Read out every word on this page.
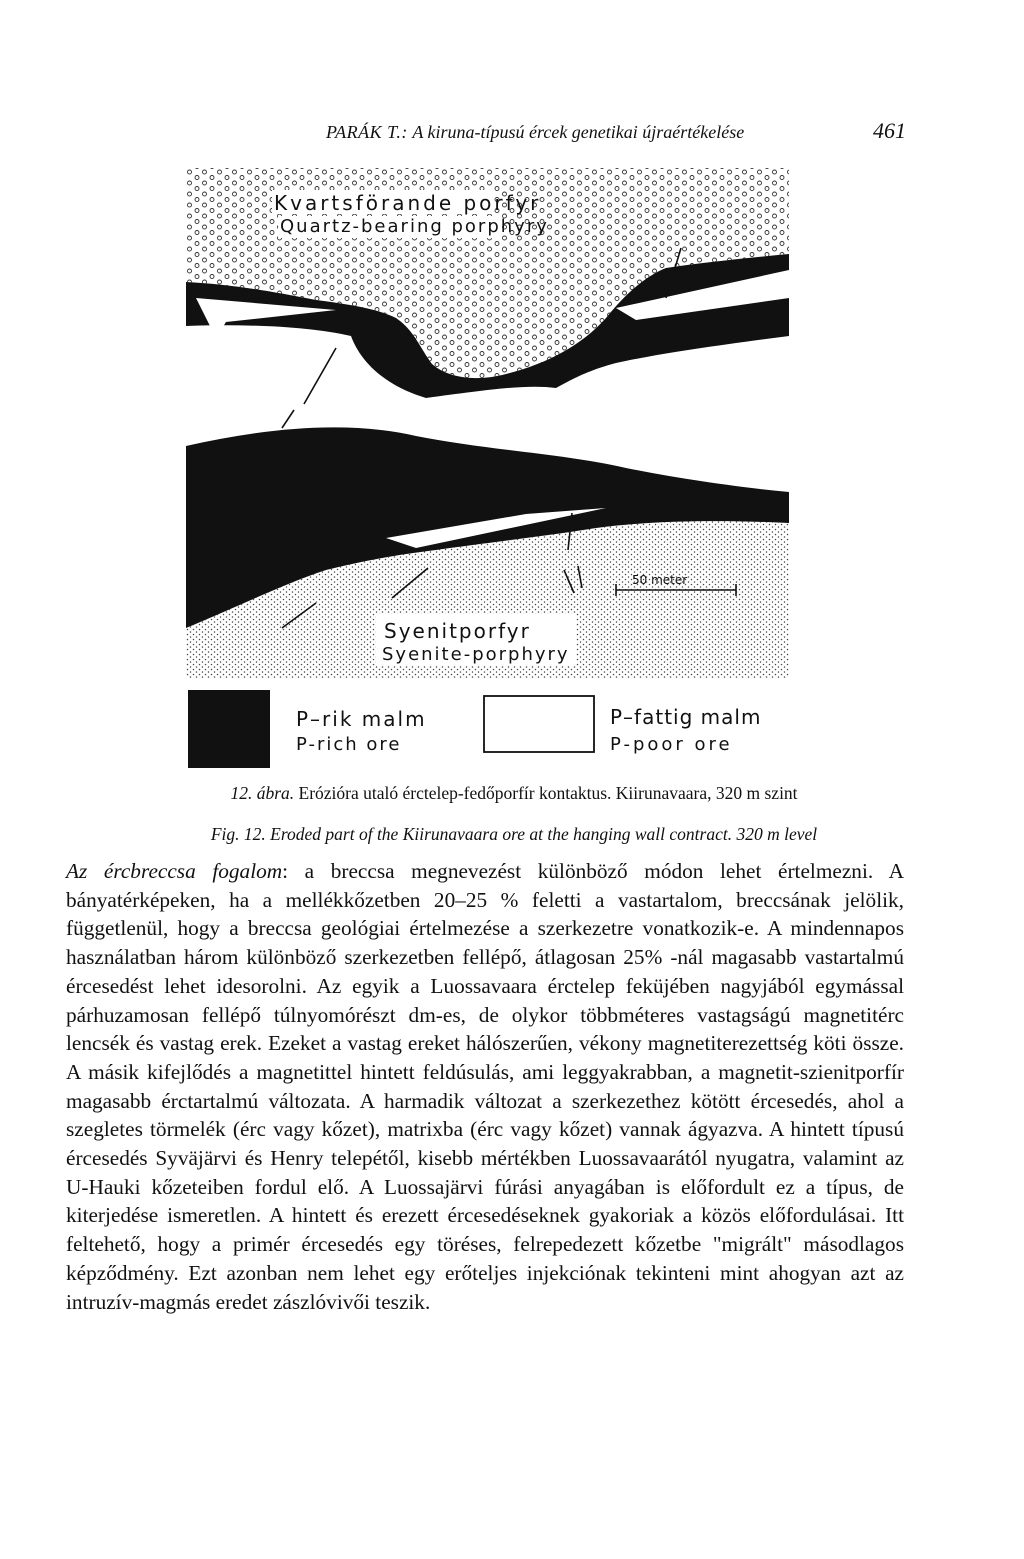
PARÁK T.: A kiruna-típusú ércek genetikai újraértékelése	461
50 meter
Kvartsförande porfyr
Quartz-bearing porphyry
Syenitporfyr
Syenite-porphyry
P–rik malm
P-rich ore
P–fattig malm
P-poor ore
12. ábra. Erózióra utaló érctelep-fedőporfír kontaktus. Kiirunavaara, 320 m szint
Fig. 12. Eroded part of the Kiirunavaara ore at the hanging wall contract. 320 m level

Az ércbreccsa fogalom: a breccsa megnevezést különböző módon lehet értelmezni. A bányatérképeken, ha a mellékkőzetben 20–25 % feletti a vastartalom, breccsának jelölik, függetlenül, hogy a breccsa geológiai értelmezése a szerkezetre vonatkozik-e. A mindennapos használatban három különböző szerkezetben fellépő, átlagosan 25% -nál magasabb vastartalmú ércesedést lehet idesorolni. Az egyik a Luossavaara érctelep feküjében nagyjából egymással párhuzamosan fellépő túlnyomórészt dm-es, de olykor többméteres vastagságú magnetitérc lencsék és vastag erek. Ezeket a vastag ereket hálószerűen, vékony magnetiterezettség köti össze. A másik kifejlődés a magnetittel hintett feldúsulás, ami leggyakrabban, a magnetit-szienitporfír magasabb érctartalmú változata. A harmadik változat a szerkezethez kötött ércesedés, ahol a szegletes törmelék (érc vagy kőzet), matrixba (érc vagy kőzet) vannak ágyazva. A hintett típusú ércesedés Syväjärvi és Henry telepétől, kisebb mértékben Luossavaarától nyugatra, valamint az U-Hauki kőzeteiben fordul elő. A Luossajärvi fúrási anyagában is előfordult ez a típus, de kiterjedése ismeretlen. A hintett és erezett ércesedéseknek gyakoriak a közös előfordulásai. Itt feltehető, hogy a primér ércesedés egy töréses, felrepedezett kőzetbe "migrált" másodlagos képződmény. Ezt azonban nem lehet egy erőteljes injekciónak tekinteni mint ahogyan azt az intruzív-magmás eredet zászlóvivői teszik.
